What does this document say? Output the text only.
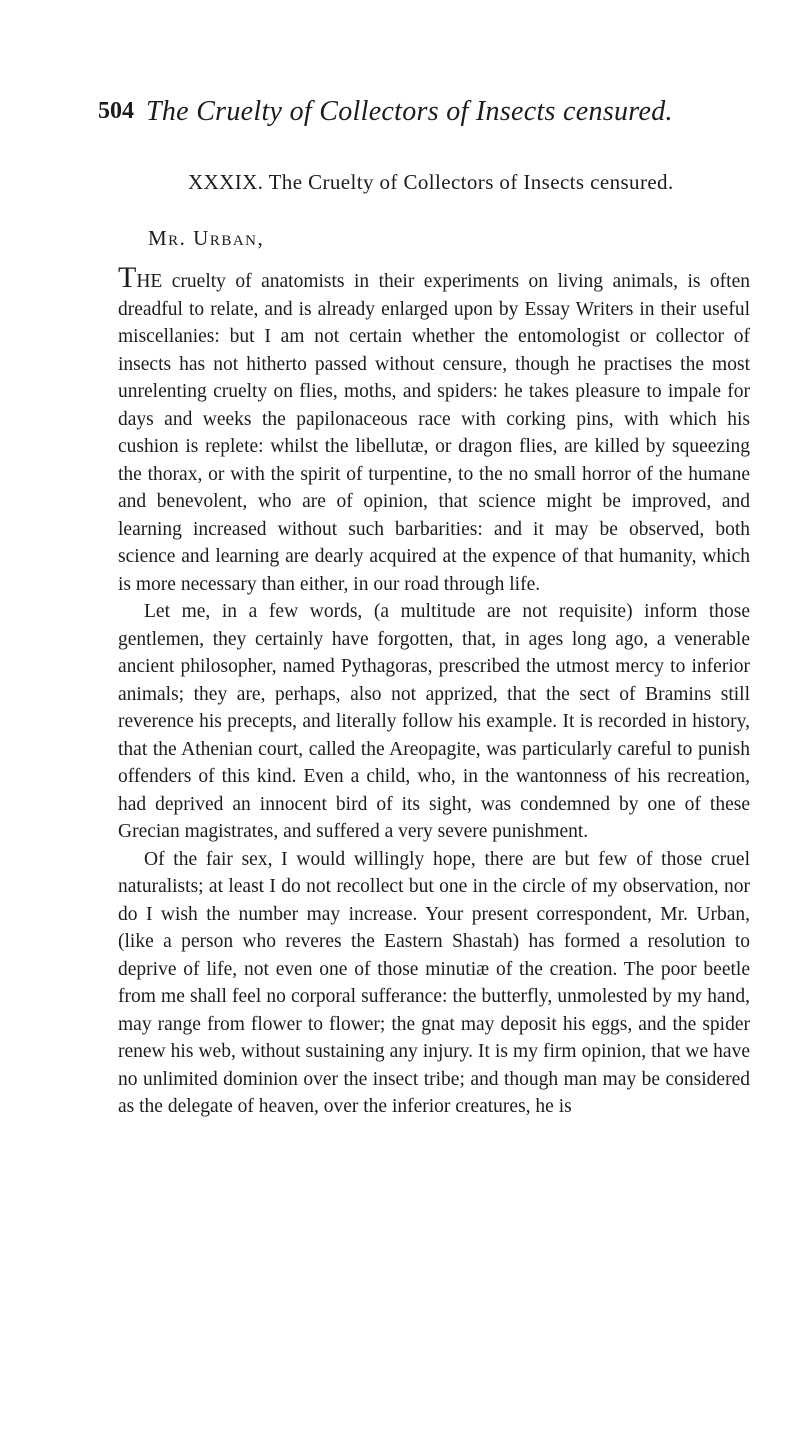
504 The Cruelty of Collectors of Insects censured.
XXXIX. The Cruelty of Collectors of Insects censured.
Mr. Urban,

THE cruelty of anatomists in their experiments on living animals, is often dreadful to relate, and is already enlarged upon by Essay Writers in their useful miscellanies: but I am not certain whether the entomologist or collector of insects has not hitherto passed without censure, though he practises the most unrelenting cruelty on flies, moths, and spiders: he takes pleasure to impale for days and weeks the papilonaceous race with corking pins, with which his cushion is replete: whilst the libellutæ, or dragon flies, are killed by squeezing the thorax, or with the spirit of turpentine, to the no small horror of the humane and benevolent, who are of opinion, that science might be improved, and learning increased without such barbarities: and it may be observed, both science and learning are dearly acquired at the expence of that humanity, which is more necessary than either, in our road through life.

Let me, in a few words, (a multitude are not requisite) inform those gentlemen, they certainly have forgotten, that, in ages long ago, a venerable ancient philosopher, named Pythagoras, prescribed the utmost mercy to inferior animals; they are, perhaps, also not apprized, that the sect of Bramins still reverence his precepts, and literally follow his example. It is recorded in history, that the Athenian court, called the Areopagite, was particularly careful to punish offenders of this kind. Even a child, who, in the wantonness of his recreation, had deprived an innocent bird of its sight, was condemned by one of these Grecian magistrates, and suffered a very severe punishment.

Of the fair sex, I would willingly hope, there are but few of those cruel naturalists; at least I do not recollect but one in the circle of my observation, nor do I wish the number may increase. Your present correspondent, Mr. Urban, (like a person who reveres the Eastern Shastah) has formed a resolution to deprive of life, not even one of those minutiæ of the creation. The poor beetle from me shall feel no corporal sufferance: the butterfly, unmolested by my hand, may range from flower to flower; the gnat may deposit his eggs, and the spider renew his web, without sustaining any injury. It is my firm opinion, that we have no unlimited dominion over the insect tribe; and though man may be considered as the delegate of heaven, over the inferior creatures, he is
